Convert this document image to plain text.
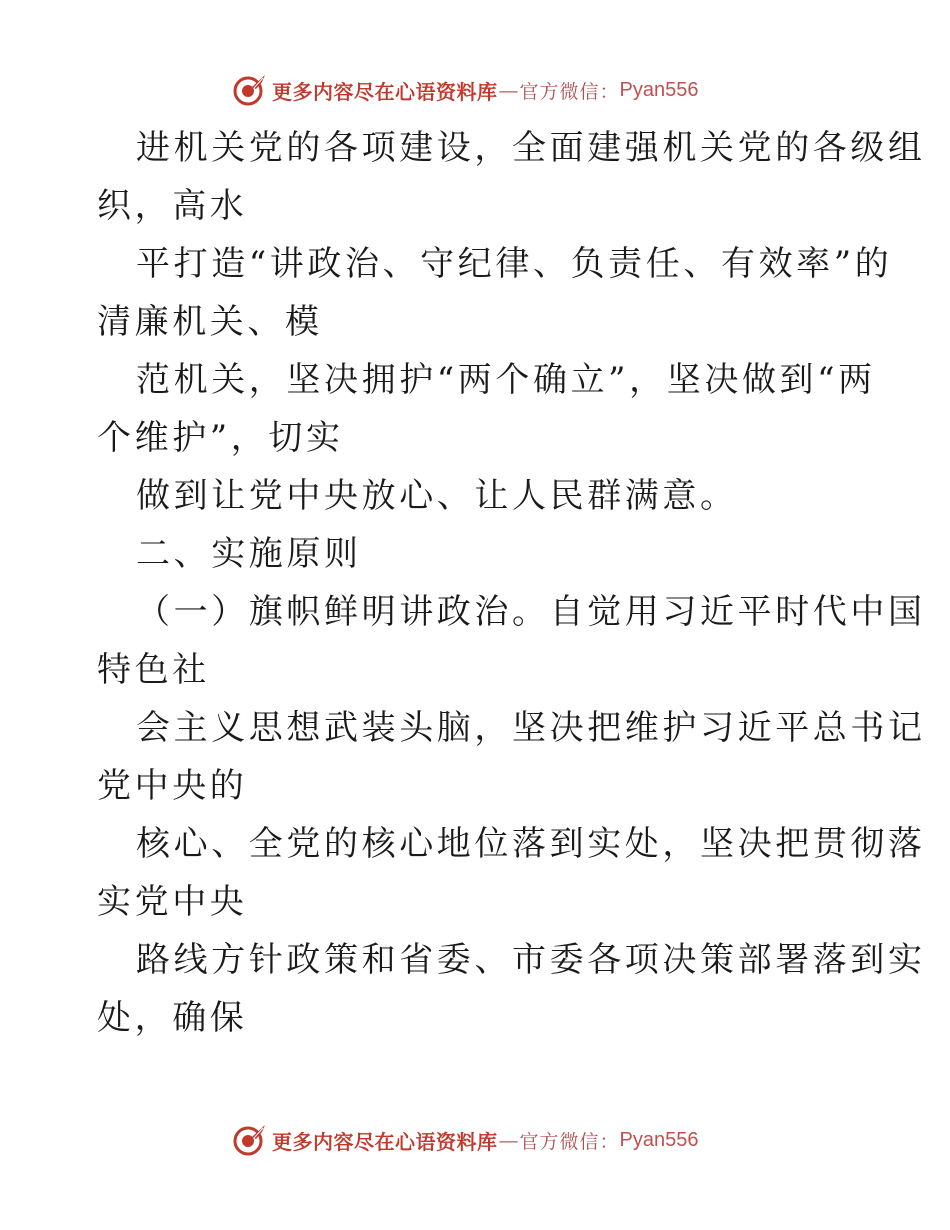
更多内容尽在心语资料库 — 官方微信： Pyan556
进机关党的各项建设，全面建强机关党的各级组
织，高水
平打造“讲政治、守纪律、负责任、有效率”的
清廉机关、模
范机关，坚决拥护“两个确立”，坚决做到“两
个维护”，切实
做到让党中央放心、让人民群满意。
二、实施原则
（一）旗帜鲜明讲政治。自觉用习近平时代中国
特色社
会主义思想武装头脑，坚决把维护习近平总书记
党中央的
核心、全党的核心地位落到实处，坚决把贯彻落
实党中央
路线方针政策和省委、市委各项决策部署落到实
处，确保
更多内容尽在心语资料库 — 官方微信： Pyan556
